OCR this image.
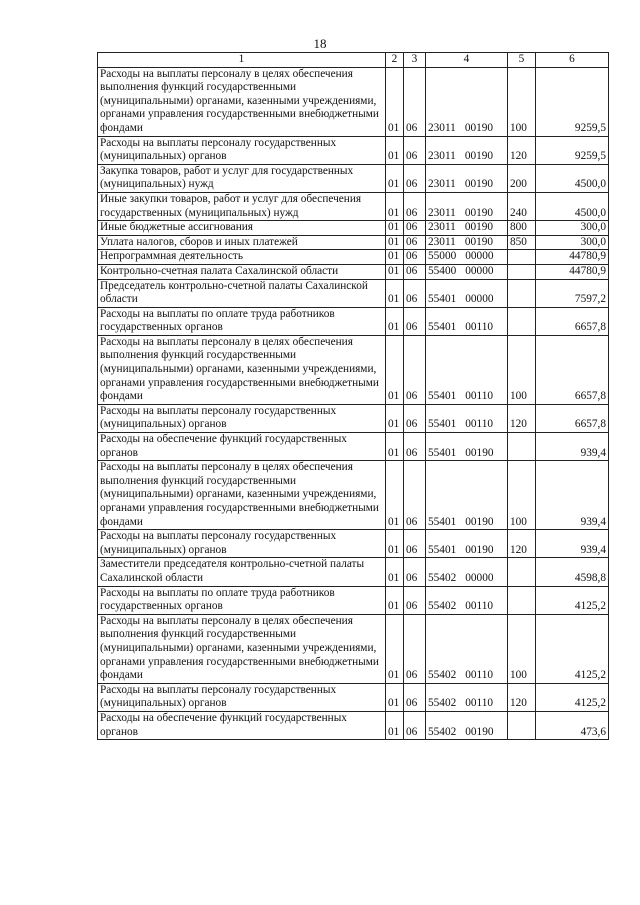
18
1	2	3	4	5	6
Расходы на выплаты персоналу в целях обеспечения выполнения функций государственными (муниципальными) органами, казенными учреждениями, органами управления государственными внебюджетными фондами	01	06	23011 00190	100	9259,5
Расходы на выплаты персоналу государственных (муниципальных) органов	01	06	23011 00190	120	9259,5
Закупка товаров, работ и услуг для государственных (муниципальных) нужд	01	06	23011 00190	200	4500,0
Иные закупки товаров, работ и услуг для обеспечения государственных (муниципальных) нужд	01	06	23011 00190	240	4500,0
Иные бюджетные ассигнования	01	06	23011 00190	800	300,0
Уплата налогов, сборов и иных платежей	01	06	23011 00190	850	300,0
Непрограммная деятельность	01	06	55000 00000		44780,9
Контрольно-счетная палата Сахалинской области	01	06	55400 00000		44780,9
Председатель контрольно-счетной палаты Сахалинской области	01	06	55401 00000		7597,2
Расходы на выплаты по оплате труда работников государственных органов	01	06	55401 00110		6657,8
Расходы на выплаты персоналу в целях обеспечения выполнения функций государственными (муниципальными) органами, казенными учреждениями, органами управления государственными внебюджетными фондами	01	06	55401 00110	100	6657,8
Расходы на выплаты персоналу государственных (муниципальных) органов	01	06	55401 00110	120	6657,8
Расходы на обеспечение функций государственных органов	01	06	55401 00190		939,4
Расходы на выплаты персоналу в целях обеспечения выполнения функций государственными (муниципальными) органами, казенными учреждениями, органами управления государственными внебюджетными фондами	01	06	55401 00190	100	939,4
Расходы на выплаты персоналу государственных (муниципальных) органов	01	06	55401 00190	120	939,4
Заместители председателя контрольно-счетной палаты Сахалинской области	01	06	55402 00000		4598,8
Расходы на выплаты по оплате труда работников государственных органов	01	06	55402 00110		4125,2
Расходы на выплаты персоналу в целях обеспечения выполнения функций государственными (муниципальными) органами, казенными учреждениями, органами управления государственными внебюджетными фондами	01	06	55402 00110	100	4125,2
Расходы на выплаты персоналу государственных (муниципальных) органов	01	06	55402 00110	120	4125,2
Расходы на обеспечение функций государственных органов	01	06	55402 00190		473,6
